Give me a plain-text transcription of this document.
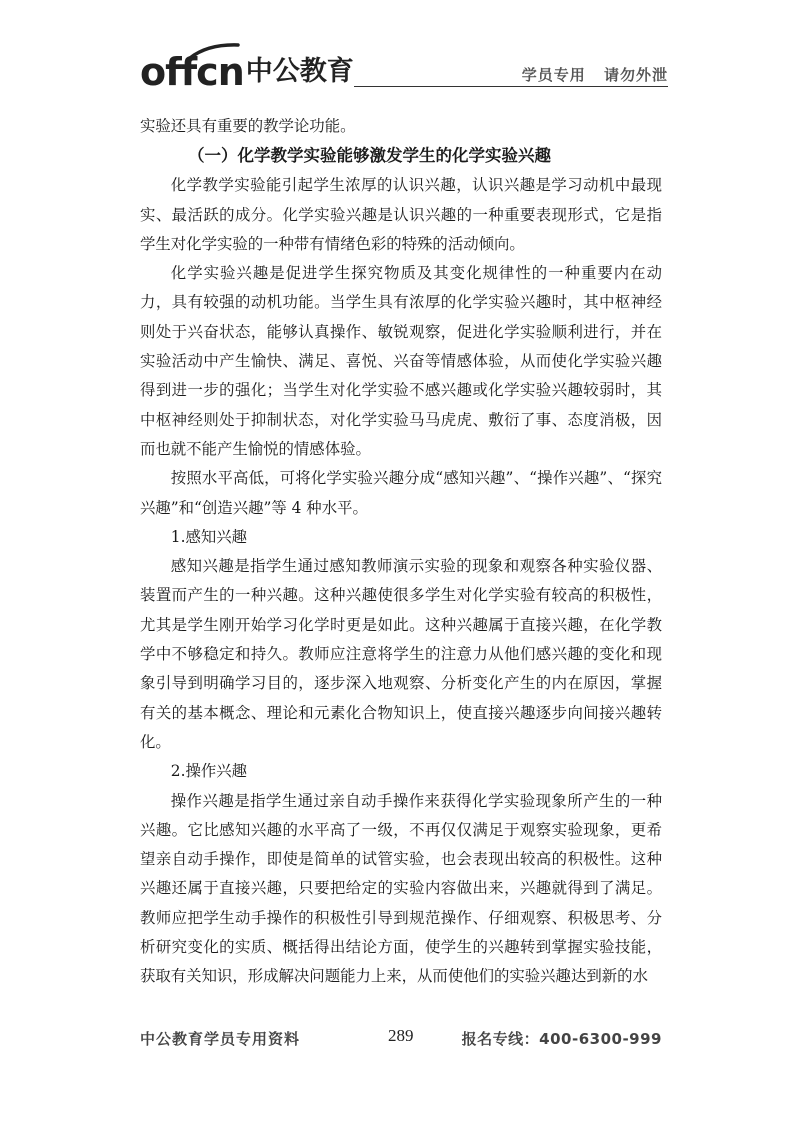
offcn 中公教育	学员专用 请勿外泄

实验还具有重要的教学论功能。

（一）化学教学实验能够激发学生的化学实验兴趣

化学教学实验能引起学生浓厚的认识兴趣，认识兴趣是学习动机中最现实、最活跃的成分。化学实验兴趣是认识兴趣的一种重要表现形式，它是指学生对化学实验的一种带有情绪色彩的特殊的活动倾向。

化学实验兴趣是促进学生探究物质及其变化规律性的一种重要内在动力，具有较强的动机功能。当学生具有浓厚的化学实验兴趣时，其中枢神经则处于兴奋状态，能够认真操作、敏锐观察，促进化学实验顺利进行，并在实验活动中产生愉快、满足、喜悦、兴奋等情感体验，从而使化学实验兴趣得到进一步的强化；当学生对化学实验不感兴趣或化学实验兴趣较弱时，其中枢神经则处于抑制状态，对化学实验马马虎虎、敷衍了事、态度消极，因而也就不能产生愉悦的情感体验。

按照水平高低，可将化学实验兴趣分成“感知兴趣”、“操作兴趣”、“探究兴趣”和“创造兴趣”等 4 种水平。

1.感知兴趣

感知兴趣是指学生通过感知教师演示实验的现象和观察各种实验仪器、装置而产生的一种兴趣。这种兴趣使很多学生对化学实验有较高的积极性，尤其是学生刚开始学习化学时更是如此。这种兴趣属于直接兴趣，在化学教学中不够稳定和持久。教师应注意将学生的注意力从他们感兴趣的变化和现象引导到明确学习目的，逐步深入地观察、分析变化产生的内在原因，掌握有关的基本概念、理论和元素化合物知识上，使直接兴趣逐步向间接兴趣转化。

2.操作兴趣

操作兴趣是指学生通过亲自动手操作来获得化学实验现象所产生的一种兴趣。它比感知兴趣的水平高了一级，不再仅仅满足于观察实验现象，更希望亲自动手操作，即使是简单的试管实验，也会表现出较高的积极性。这种兴趣还属于直接兴趣，只要把给定的实验内容做出来，兴趣就得到了满足。教师应把学生动手操作的积极性引导到规范操作、仔细观察、积极思考、分析研究变化的实质、概括得出结论方面，使学生的兴趣转到掌握实验技能，获取有关知识，形成解决问题能力上来，从而使他们的实验兴趣达到新的水

中公教育学员专用资料	289	报名专线：400-6300-999
